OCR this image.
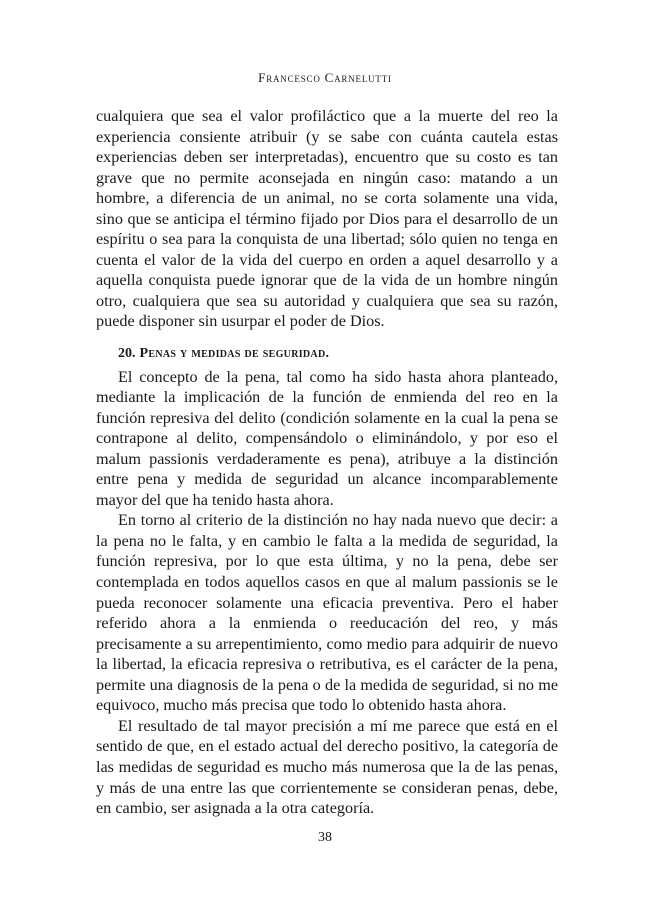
Francesco Carnelutti

cualquiera que sea el valor profiláctico que a la muerte del reo la experiencia consiente atribuir (y se sabe con cuánta cautela estas experiencias deben ser interpretadas), encuentro que su costo es tan grave que no permite aconsejada en ningún caso: matando a un hombre, a diferencia de un animal, no se corta solamente una vida, sino que se anticipa el término fijado por Dios para el desarrollo de un espíritu o sea para la conquista de una libertad; sólo quien no tenga en cuenta el valor de la vida del cuerpo en orden a aquel desarrollo y a aquella conquista puede ignorar que de la vida de un hombre ningún otro, cualquiera que sea su autoridad y cualquiera que sea su razón, puede disponer sin usurpar el poder de Dios.

20. Penas y medidas de seguridad.

El concepto de la pena, tal como ha sido hasta ahora planteado, mediante la implicación de la función de enmienda del reo en la función represiva del delito (condición solamente en la cual la pena se contrapone al delito, compensándolo o eliminándolo, y por eso el malum passionis verdaderamente es pena), atribuye a la distinción entre pena y medida de seguridad un alcance incomparablemente mayor del que ha tenido hasta ahora.

En torno al criterio de la distinción no hay nada nuevo que decir: a la pena no le falta, y en cambio le falta a la medida de seguridad, la función represiva, por lo que esta última, y no la pena, debe ser contemplada en todos aquellos casos en que al malum passionis se le pueda reconocer solamente una eficacia preventiva. Pero el haber referido ahora a la enmienda o reeducación del reo, y más precisamente a su arrepentimiento, como medio para adquirir de nuevo la libertad, la eficacia represiva o retributiva, es el carácter de la pena, permite una diagnosis de la pena o de la medida de seguridad, si no me equivoco, mucho más precisa que todo lo obtenido hasta ahora.

El resultado de tal mayor precisión a mí me parece que está en el sentido de que, en el estado actual del derecho positivo, la categoría de las medidas de seguridad es mucho más numerosa que la de las penas, y más de una entre las que corrientemente se consideran penas, debe, en cambio, ser asignada a la otra categoría.

38
